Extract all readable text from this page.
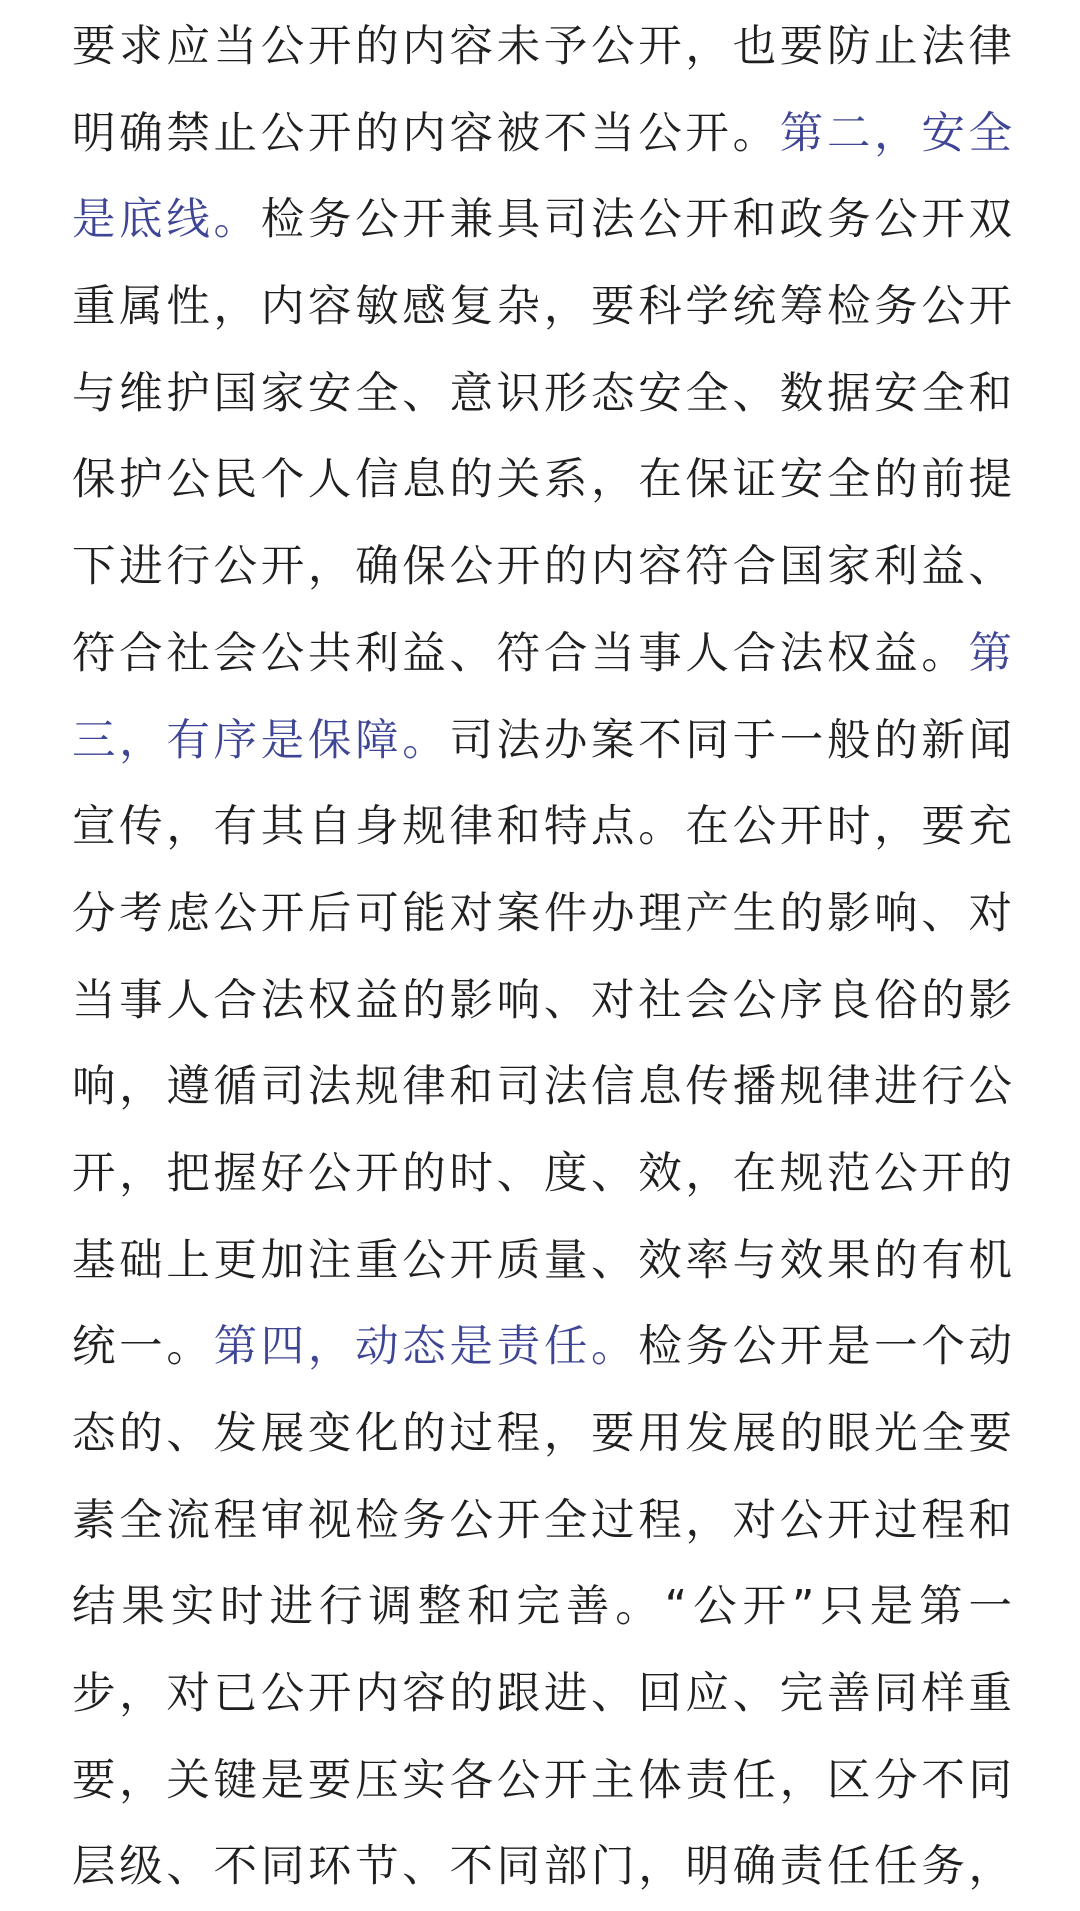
要求应当公开的内容未予公开，也要防止法律
明确禁止公开的内容被不当公开。第二，安全
是底线。检务公开兼具司法公开和政务公开双
重属性，内容敏感复杂，要科学统筹检务公开
与维护国家安全、意识形态安全、数据安全和
保护公民个人信息的关系，在保证安全的前提
下进行公开，确保公开的内容符合国家利益、
符合社会公共利益、符合当事人合法权益。第
三，有序是保障。司法办案不同于一般的新闻
宣传，有其自身规律和特点。在公开时，要充
分考虑公开后可能对案件办理产生的影响、对
当事人合法权益的影响、对社会公序良俗的影
响，遵循司法规律和司法信息传播规律进行公
开，把握好公开的时、度、效，在规范公开的
基础上更加注重公开质量、效率与效果的有机
统一。第四，动态是责任。检务公开是一个动
态的、发展变化的过程，要用发展的眼光全要
素全流程审视检务公开全过程，对公开过程和
结果实时进行调整和完善。“公开”只是第一
步，对已公开内容的跟进、回应、完善同样重
要，关键是要压实各公开主体责任，区分不同
层级、不同环节、不同部门，明确责任任务，
